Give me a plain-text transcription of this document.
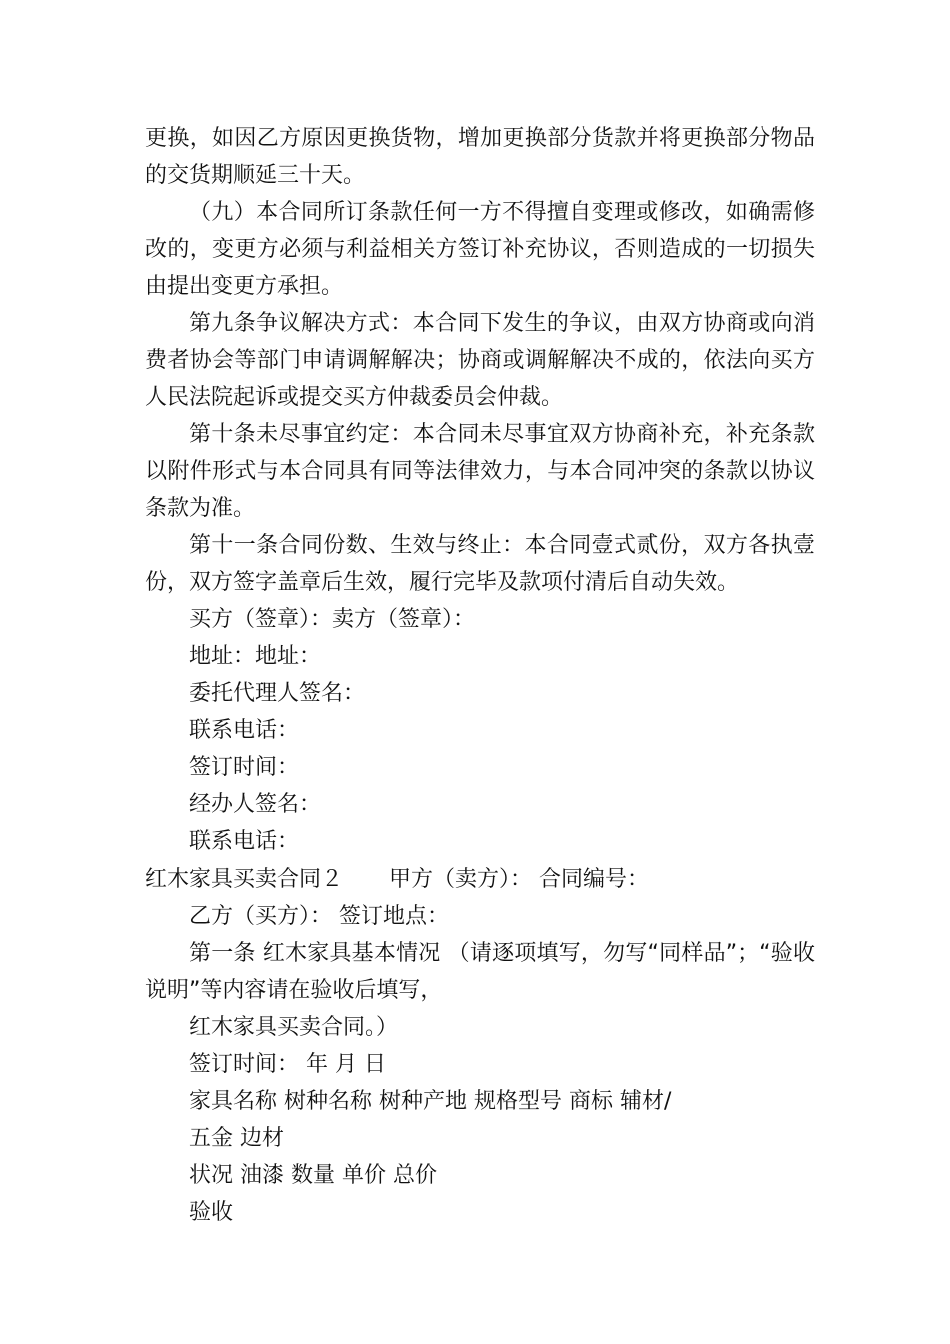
更换，如因乙方原因更换货物，增加更换部分货款并将更换部分物品的交货期顺延三十天。

（九）本合同所订条款任何一方不得擅自变理或修改，如确需修改的，变更方必须与利益相关方签订补充协议，否则造成的一切损失由提出变更方承担。

第九条争议解决方式：本合同下发生的争议，由双方协商或向消费者协会等部门申请调解解决；协商或调解解决不成的，依法向买方人民法院起诉或提交买方仲裁委员会仲裁。

第十条未尽事宜约定：本合同未尽事宜双方协商补充，补充条款以附件形式与本合同具有同等法律效力，与本合同冲突的条款以协议条款为准。

第十一条合同份数、生效与终止：本合同壹式贰份，双方各执壹份，双方签字盖章后生效，履行完毕及款项付清后自动失效。

买方（签章）：卖方（签章）：

地址：地址：

委托代理人签名：

联系电话：

签订时间：

经办人签名：

联系电话：

红木家具买卖合同２ 甲方（卖方）： 合同编号：

乙方（买方）： 签订地点：

第一条 红木家具基本情况 （请逐项填写，勿写“同样品”；“验收说明”等内容请在验收后填写，

红木家具买卖合同。）

签订时间： 年 月 日

家具名称 树种名称 树种产地 规格型号 商标 辅材/

五金 边材

状况 油漆 数量 单价 总价

验收
